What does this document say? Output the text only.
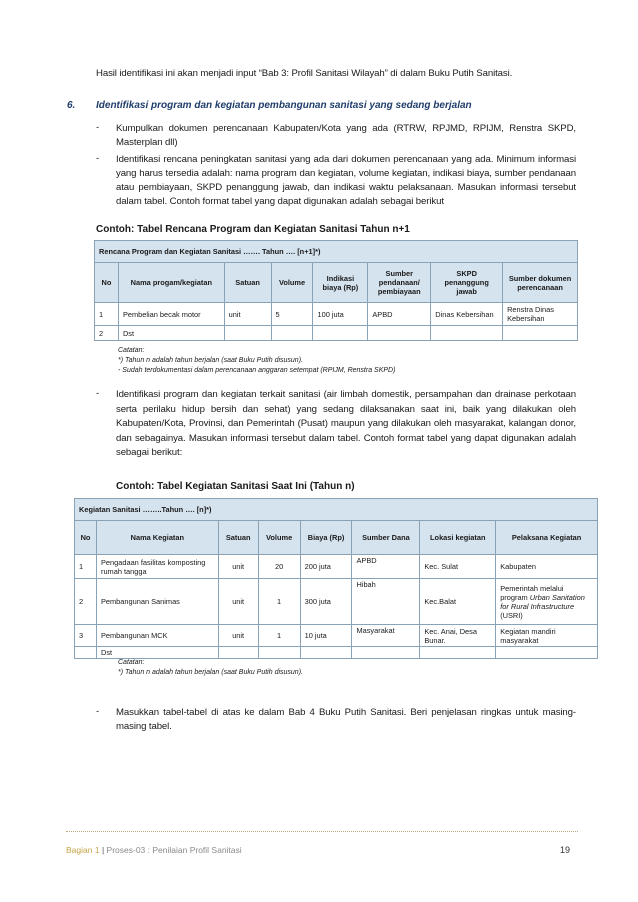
Hasil identifikasi ini akan menjadi input “Bab 3: Profil Sanitasi Wilayah” di dalam Buku Putih Sanitasi.
6. Identifikasi program dan kegiatan pembangunan sanitasi yang sedang berjalan
- Kumpulkan dokumen perencanaan Kabupaten/Kota yang ada (RTRW, RPJMD, RPIJM, Renstra SKPD, Masterplan dll)
- Identifikasi rencana peningkatan sanitasi yang ada dari dokumen perencanaan yang ada. Minimum informasi yang harus tersedia adalah: nama program dan kegiatan, volume kegiatan, indikasi biaya, sumber pendanaan atau pembiayaan, SKPD penanggung jawab, dan indikasi waktu pelaksanaan. Masukan informasi tersebut dalam tabel. Contoh format tabel yang dapat digunakan adalah sebagai berikut
Contoh: Tabel Rencana Program dan Kegiatan Sanitasi Tahun n+1
Rencana Program dan Kegiatan Sanitasi ……. Tahun …. [n+1]*)							
No	Nama progam/kegiatan	Satuan	Volume	Indikasi biaya (Rp)	Sumber pendanaan/ pembiayaan	SKPD penanggung jawab	Sumber dokumen perencanaan
1	Pembelian becak motor	unit	5	100 juta	APBD	Dinas Kebersihan	Renstra Dinas Kebersihan
2	Dst						
Catatan:
*) Tahun n adalah tahun berjalan (saat Buku Putih disusun).
- Sudah terdokumentasi dalam perencanaan anggaran setempat (RPIJM, Renstra SKPD)
- Identifikasi program dan kegiatan terkait sanitasi (air limbah domestik, persampahan dan drainase perkotaan serta perilaku hidup bersih dan sehat) yang sedang dilaksanakan saat ini, baik yang dilakukan oleh Kabupaten/Kota, Provinsi, dan Pemerintah (Pusat) maupun yang dilakukan oleh masyarakat, kalangan donor, dan sebagainya. Masukan informasi tersebut dalam tabel. Contoh format tabel yang dapat digunakan adalah sebagai berikut:
Contoh: Tabel Kegiatan Sanitasi Saat Ini (Tahun n)
Kegiatan Sanitasi ……..Tahun …. [n]*)							
No	Nama Kegiatan	Satuan	Volume	Biaya (Rp)	Sumber Dana	Lokasi kegiatan	Pelaksana Kegiatan
1	Pengadaan fasilitas komposting rumah tangga	unit	20	200 juta	APBD	Kec. Sulat	Kabupaten
2	Pembangunan Sanimas	unit	1	300 juta	Hibah	Kec.Balat	Pemerintah melalui
program Urban Sanitation for Rural Infrastructure (USRI)
3	Pembangunan MCK	unit	1	10 juta	Masyarakat	Kec. Anai, Desa Bunar.	Kegiatan mandiri masyarakat
	Dst						
Catatan:
*) Tahun n adalah tahun berjalan (saat Buku Putih disusun).
- Masukkan tabel-tabel di atas ke dalam Bab 4 Buku Putih Sanitasi. Beri penjelasan ringkas untuk masing-masing tabel.
Bagian 1 | Proses-03 : Penilaian Profil Sanitasi	19
